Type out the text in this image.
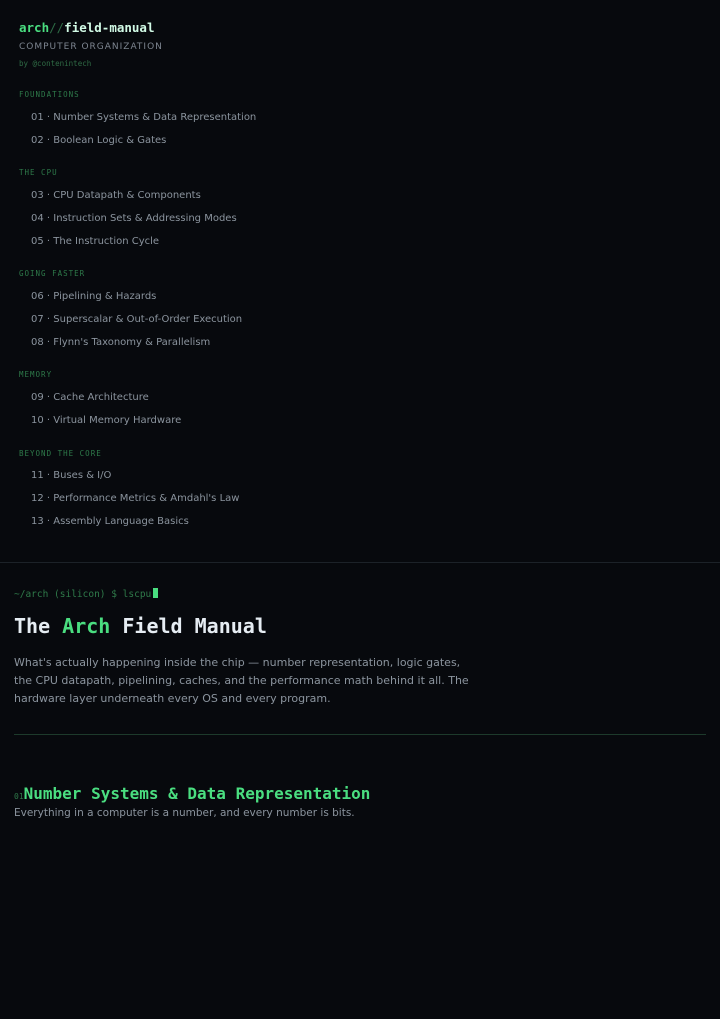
arch//field-manual
COMPUTER ORGANIZATION
by @contenintech
FOUNDATIONS
01 · Number Systems & Data Representation
02 · Boolean Logic & Gates
THE CPU
03 · CPU Datapath & Components
04 · Instruction Sets & Addressing Modes
05 · The Instruction Cycle
GOING FASTER
06 · Pipelining & Hazards
07 · Superscalar & Out-of-Order Execution
08 · Flynn's Taxonomy & Parallelism
MEMORY
09 · Cache Architecture
10 · Virtual Memory Hardware
BEYOND THE CORE
11 · Buses & I/O
12 · Performance Metrics & Amdahl's Law
13 · Assembly Language Basics
~/arch (silicon) $ lscpu
The Arch Field Manual

What's actually happening inside the chip — number representation, logic gates, the CPU datapath, pipelining, caches, and the performance math behind it all. The hardware layer underneath every OS and every program.

01Number Systems & Data Representation

Everything in a computer is a number, and every number is bits.
